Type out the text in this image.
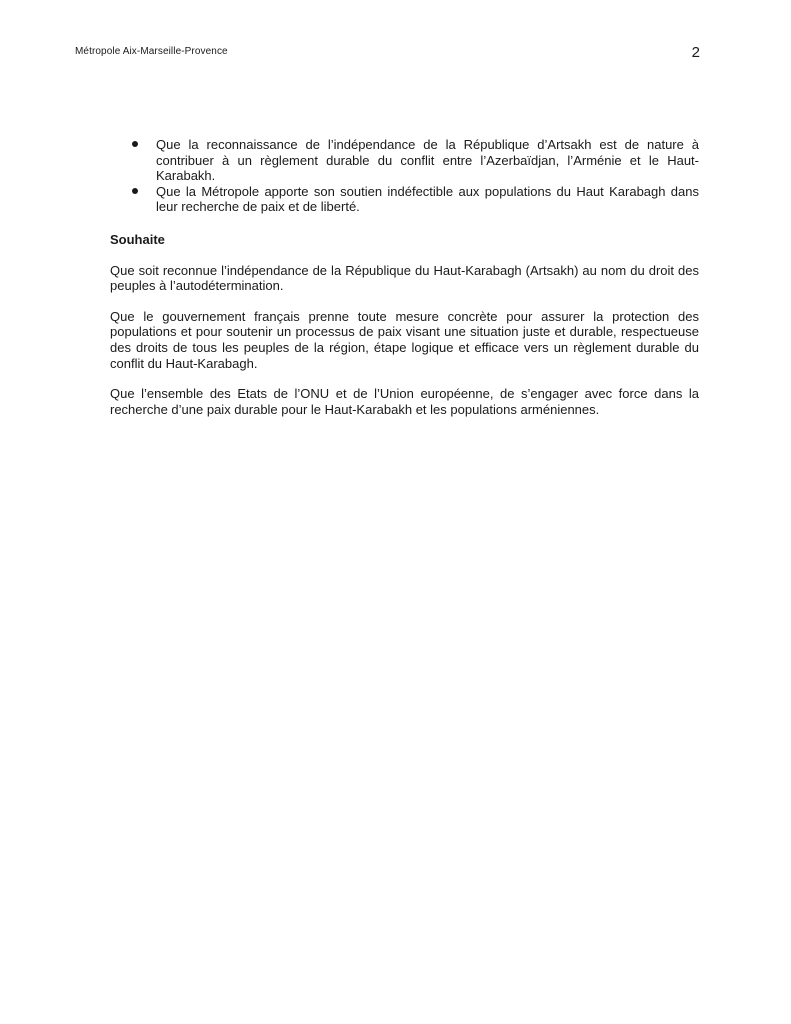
Métropole Aix-Marseille-Provence	2
Que la reconnaissance de l’indépendance de la République d’Artsakh est de nature à contribuer à un règlement durable du conflit entre l’Azerbaïdjan, l’Arménie et le Haut-Karabakh.
Que la Métropole apporte son soutien indéfectible aux populations du Haut Karabagh dans leur recherche de paix et de liberté.
Souhaite

Que soit reconnue l’indépendance de la République du Haut-Karabagh (Artsakh) au nom du droit des peuples à l’autodétermination.

Que le gouvernement français prenne toute mesure concrète pour assurer la protection des populations et pour soutenir un processus de paix visant une situation juste et durable, respectueuse des droits de tous les peuples de la région, étape logique et efficace vers un règlement durable du conflit du Haut-Karabagh.

Que l’ensemble des Etats de l’ONU et de l’Union européenne, de s’engager avec force dans la recherche d’une paix durable pour le Haut-Karabakh et les populations arméniennes.
